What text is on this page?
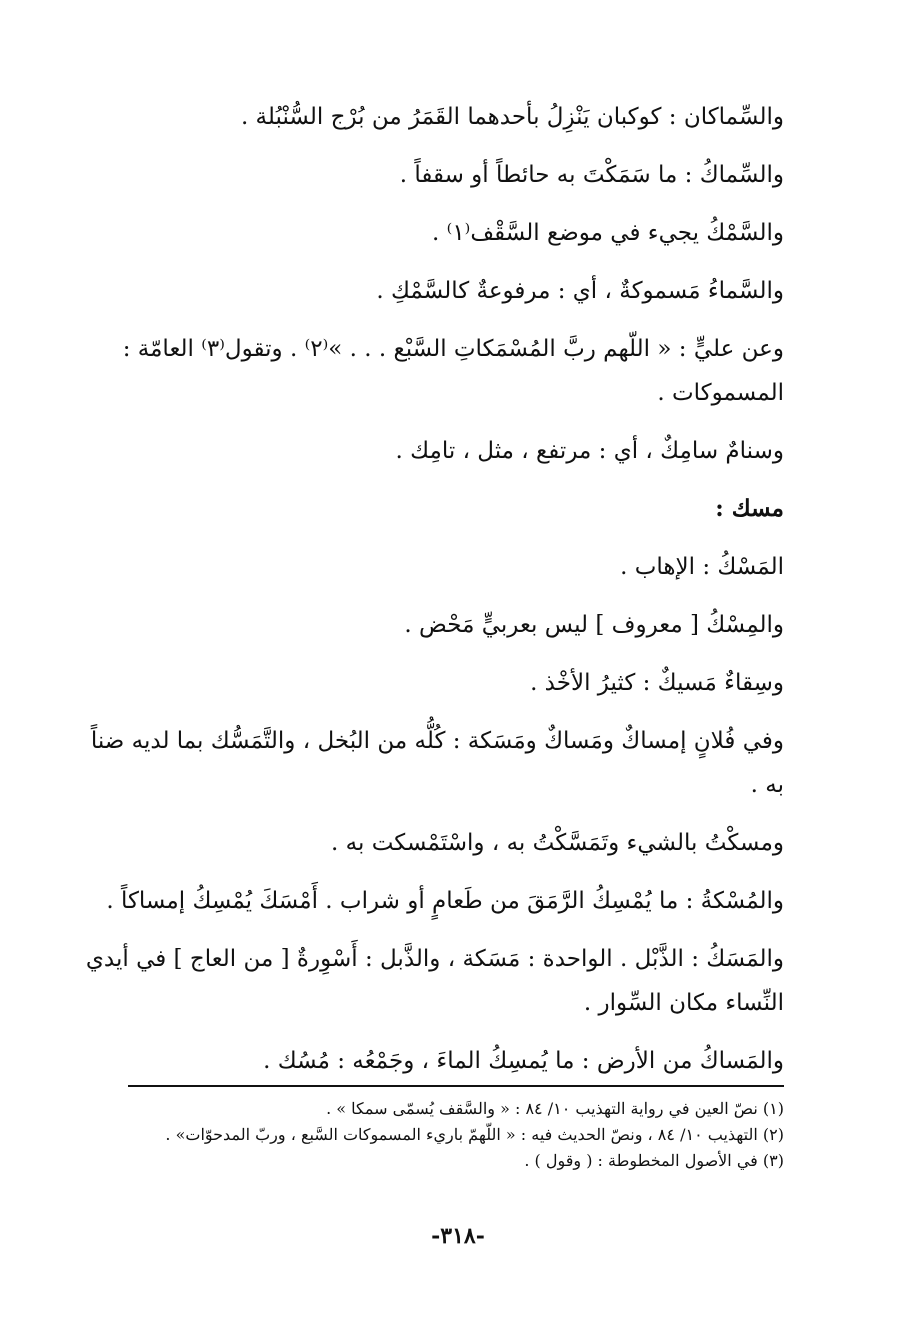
والسِّماكان : كوكبان يَنْزِلُ بأحدهما القَمَرُ من بُرْج السُّنْبُلة .

والسِّماكُ : ما سَمَكْتَ به حائطاً أو سقفاً .

والسَّمْكُ يجيء في موضع السَّقْف⁽١⁾ .

والسَّماءُ مَسموكةٌ ، أي : مرفوعةٌ كالسَّمْكِ .

وعن عليٍّ : « اللّهم ربَّ المُسْمَكاتِ السَّبْع . . . »⁽٢⁾ . وتقول⁽٣⁾ العامّة : المسموكات .

وسنامٌ سامِكٌ ، أي : مرتفع ، مثل ، تامِك .

مسك :

المَسْكُ : الإهاب .

والمِسْكُ [ معروف ] ليس بعربيٍّ مَحْض .

وسِقاءٌ مَسيكٌ : كثيرُ الأخْذ .

وفي فُلانٍ إمساكٌ ومَساكٌ ومَسَكة : كُلُّه من البُخل ، والتَّمَسُّك بما لديه ضناً به .

ومسكْتُ بالشيء وتَمَسَّكْتُ به ، واسْتَمْسكت به .

والمُسْكةُ : ما يُمْسِكُ الرَّمَقَ من طَعامٍ أو شراب . أَمْسَكَ يُمْسِكُ إمساكاً .

والمَسَكُ : الذَّبْل . الواحدة : مَسَكة ، والذَّبل : أَسْوِرةٌ [ من العاج ] في أيدي النِّساء مكان السِّوار .

والمَساكُ من الأرض : ما يُمسِكُ الماءَ ، وجَمْعُه : مُسُك .

(١) نصّ العين في رواية التهذيب ١٠/ ٨٤ : « والسَّقف يُسمّى سمكا » .

(٢) التهذيب ١٠/ ٨٤ ، ونصّ الحديث فيه : « اللّهمّ باريء المسموكات السَّبع ، وربّ المدحوّات» .

(٣) في الأصول المخطوطة : ( وقول ) .

-٣١٨-
